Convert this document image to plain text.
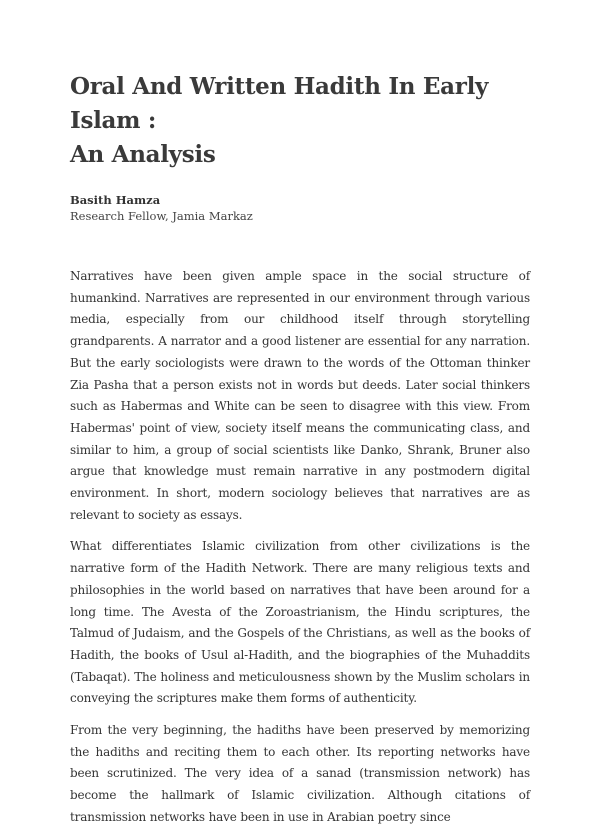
Oral And Written Hadith In Early Islam :
An Analysis
Basith Hamza
Research Fellow, Jamia Markaz

Narratives have been given ample space in the social structure of humankind. Narratives are represented in our environment through various media, especially from our childhood itself through storytelling grandparents. A narrator and a good listener are essential for any narration. But the early sociologists were drawn to the words of the Ottoman thinker Zia Pasha that a person exists not in words but deeds. Later social thinkers such as Habermas and White can be seen to disagree with this view. From Habermas' point of view, society itself means the communicating class, and similar to him, a group of social scientists like Danko, Shrank, Bruner also argue that knowledge must remain narrative in any postmodern digital environment. In short, modern sociology believes that narratives are as relevant to society as essays.

What differentiates Islamic civilization from other civilizations is the narrative form of the Hadith Network. There are many religious texts and philosophies in the world based on narratives that have been around for a long time. The Avesta of the Zoroastrianism, the Hindu scriptures, the Talmud of Judaism, and the Gospels of the Christians, as well as the books of Hadith, the books of Usul al-Hadith, and the biographies of the Muhaddits (Tabaqat). The holiness and meticulousness shown by the Muslim scholars in conveying the scriptures make them forms of authenticity.

From the very beginning, the hadiths have been preserved by memorizing the hadiths and reciting them to each other. Its reporting networks have been scrutinized. The very idea of a sanad (transmission network) has become the hallmark of Islamic civilization. Although citations of transmission networks have been in use in Arabian poetry since
